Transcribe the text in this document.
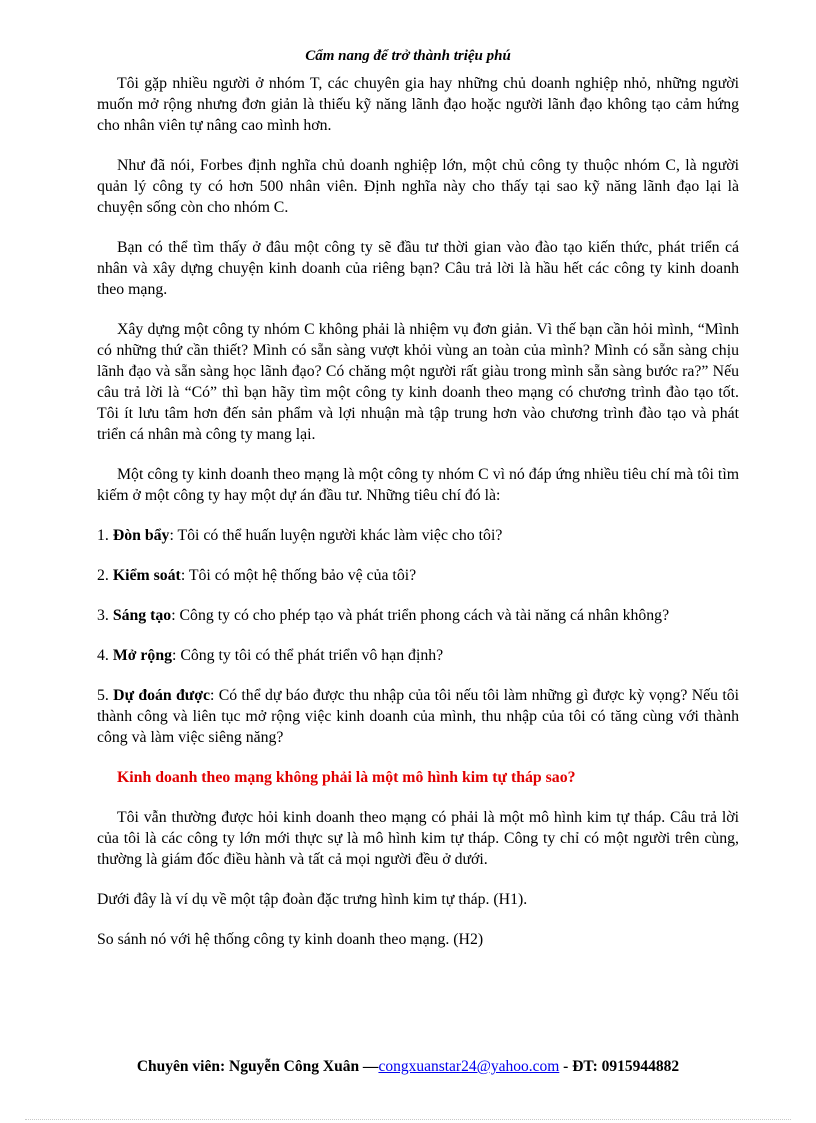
Cẩm nang để trở thành triệu phú

Tôi gặp nhiều người ở nhóm T, các chuyên gia hay những chủ doanh nghiệp nhỏ, những người muốn mở rộng nhưng đơn giản là thiếu kỹ năng lãnh đạo hoặc người lãnh đạo không tạo cảm hứng cho nhân viên tự nâng cao mình hơn.

Như đã nói, Forbes định nghĩa chủ doanh nghiệp lớn, một chủ công ty thuộc nhóm C, là người quản lý công ty có hơn 500 nhân viên. Định nghĩa này cho thấy tại sao kỹ năng lãnh đạo lại là chuyện sống còn cho nhóm C.

Bạn có thể tìm thấy ở đâu một công ty sẽ đầu tư thời gian vào đào tạo kiến thức, phát triển cá nhân và xây dựng chuyện kinh doanh của riêng bạn? Câu trả lời là hầu hết các công ty kinh doanh theo mạng.

Xây dựng một công ty nhóm C không phải là nhiệm vụ đơn giản. Vì thế bạn cần hỏi mình, “Mình có những thứ cần thiết? Mình có sẵn sàng vượt khỏi vùng an toàn của mình? Mình có sẵn sàng chịu lãnh đạo và sẵn sàng học lãnh đạo? Có chăng một người rất giàu trong mình sẵn sàng bước ra?” Nếu câu trả lời là “Có” thì bạn hãy tìm một công ty kinh doanh theo mạng có chương trình đào tạo tốt. Tôi ít lưu tâm hơn đến sản phẩm và lợi nhuận mà tập trung hơn vào chương trình đào tạo và phát triển cá nhân mà công ty mang lại.

Một công ty kinh doanh theo mạng là một công ty nhóm C vì nó đáp ứng nhiều tiêu chí mà tôi tìm kiếm ở một công ty hay một dự án đầu tư. Những tiêu chí đó là:

1. Đòn bẩy: Tôi có thể huấn luyện người khác làm việc cho tôi?

2. Kiểm soát: Tôi có một hệ thống bảo vệ của tôi?

3. Sáng tạo: Công ty có cho phép tạo và phát triển phong cách và tài năng cá nhân không?

4. Mở rộng: Công ty tôi có thể phát triển vô hạn định?

5. Dự đoán được: Có thể dự báo được thu nhập của tôi nếu tôi làm những gì được kỳ vọng? Nếu tôi thành công và liên tục mở rộng việc kinh doanh của mình, thu nhập của tôi có tăng cùng với thành công và làm việc siêng năng?

Kinh doanh theo mạng không phải là một mô hình kim tự tháp sao?

Tôi vẫn thường được hỏi kinh doanh theo mạng có phải là một mô hình kim tự tháp. Câu trả lời của tôi là các công ty lớn mới thực sự là mô hình kim tự tháp. Công ty chỉ có một người trên cùng, thường là giám đốc điều hành và tất cả mọi người đều ở dưới.

Dưới đây là ví dụ về một tập đoàn đặc trưng hình kim tự tháp. (H1).

So sánh nó với hệ thống công ty kinh doanh theo mạng. (H2)

Chuyên viên: Nguyễn Công Xuân —congxuanstar24@yahoo.com - ĐT: 0915944882
